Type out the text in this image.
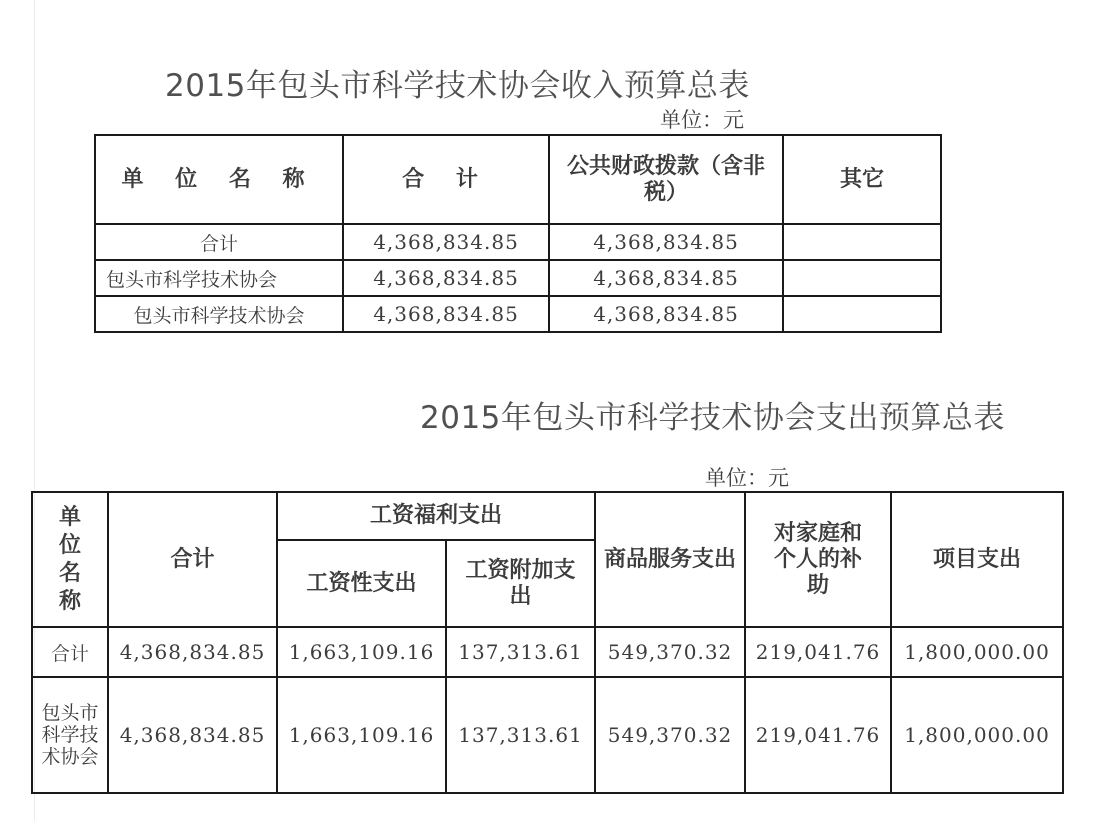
2015年包头市科学技术协会收入预算总表
单位：元
单 位 名 称	合 计	公共财政拨款（含非税）	其它
合计	4,368,834.85	4,368,834.85	
包头市科学技术协会	4,368,834.85	4,368,834.85	
包头市科学技术协会	4,368,834.85	4,368,834.85	
2015年包头市科学技术协会支出预算总表
单位：元
单位名称	合计	工资福利支出		商品服务支出	对家庭和个人的补助	项目支出
		工资性支出	工资附加支出			
合计	4,368,834.85	1,663,109.16	137,313.61	549,370.32	219,041.76	1,800,000.00
包头市科学技术协会	4,368,834.85	1,663,109.16	137,313.61	549,370.32	219,041.76	1,800,000.00
